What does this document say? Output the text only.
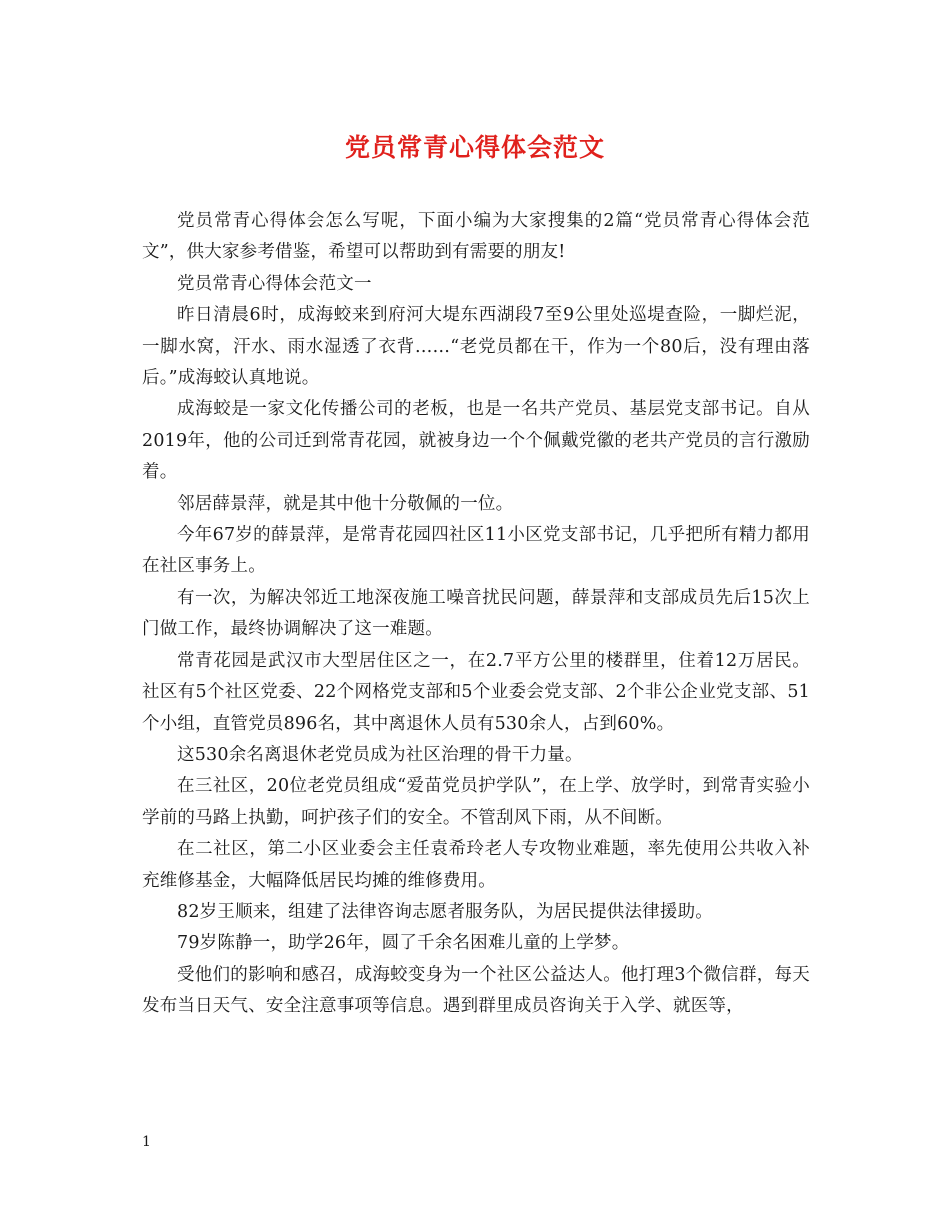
党员常青心得体会范文

党员常青心得体会怎么写呢，下面小编为大家搜集的2篇“党员常青心得体会范文”，供大家参考借鉴，希望可以帮助到有需要的朋友!

党员常青心得体会范文一

昨日清晨6时，成海蛟来到府河大堤东西湖段7至9公里处巡堤查险，一脚烂泥，一脚水窝，汗水、雨水湿透了衣背……“老党员都在干，作为一个80后，没有理由落后。”成海蛟认真地说。

成海蛟是一家文化传播公司的老板，也是一名共产党员、基层党支部书记。自从2019年，他的公司迁到常青花园，就被身边一个个佩戴党徽的老共产党员的言行激励着。

邻居薛景萍，就是其中他十分敬佩的一位。

今年67岁的薛景萍，是常青花园四社区11小区党支部书记，几乎把所有精力都用在社区事务上。

有一次，为解决邻近工地深夜施工噪音扰民问题，薛景萍和支部成员先后15次上门做工作，最终协调解决了这一难题。

常青花园是武汉市大型居住区之一，在2.7平方公里的楼群里，住着12万居民。社区有5个社区党委、22个网格党支部和5个业委会党支部、2个非公企业党支部、51个小组，直管党员896名，其中离退休人员有530余人，占到60%。

这530余名离退休老党员成为社区治理的骨干力量。

在三社区，20位老党员组成“爱苗党员护学队”，在上学、放学时，到常青实验小学前的马路上执勤，呵护孩子们的安全。不管刮风下雨，从不间断。

在二社区，第二小区业委会主任袁希玲老人专攻物业难题，率先使用公共收入补充维修基金，大幅降低居民均摊的维修费用。

82岁王顺来，组建了法律咨询志愿者服务队，为居民提供法律援助。

79岁陈静一，助学26年，圆了千余名困难儿童的上学梦。

受他们的影响和感召，成海蛟变身为一个社区公益达人。他打理3个微信群，每天发布当日天气、安全注意事项等信息。遇到群里成员咨询关于入学、就医等，

1
